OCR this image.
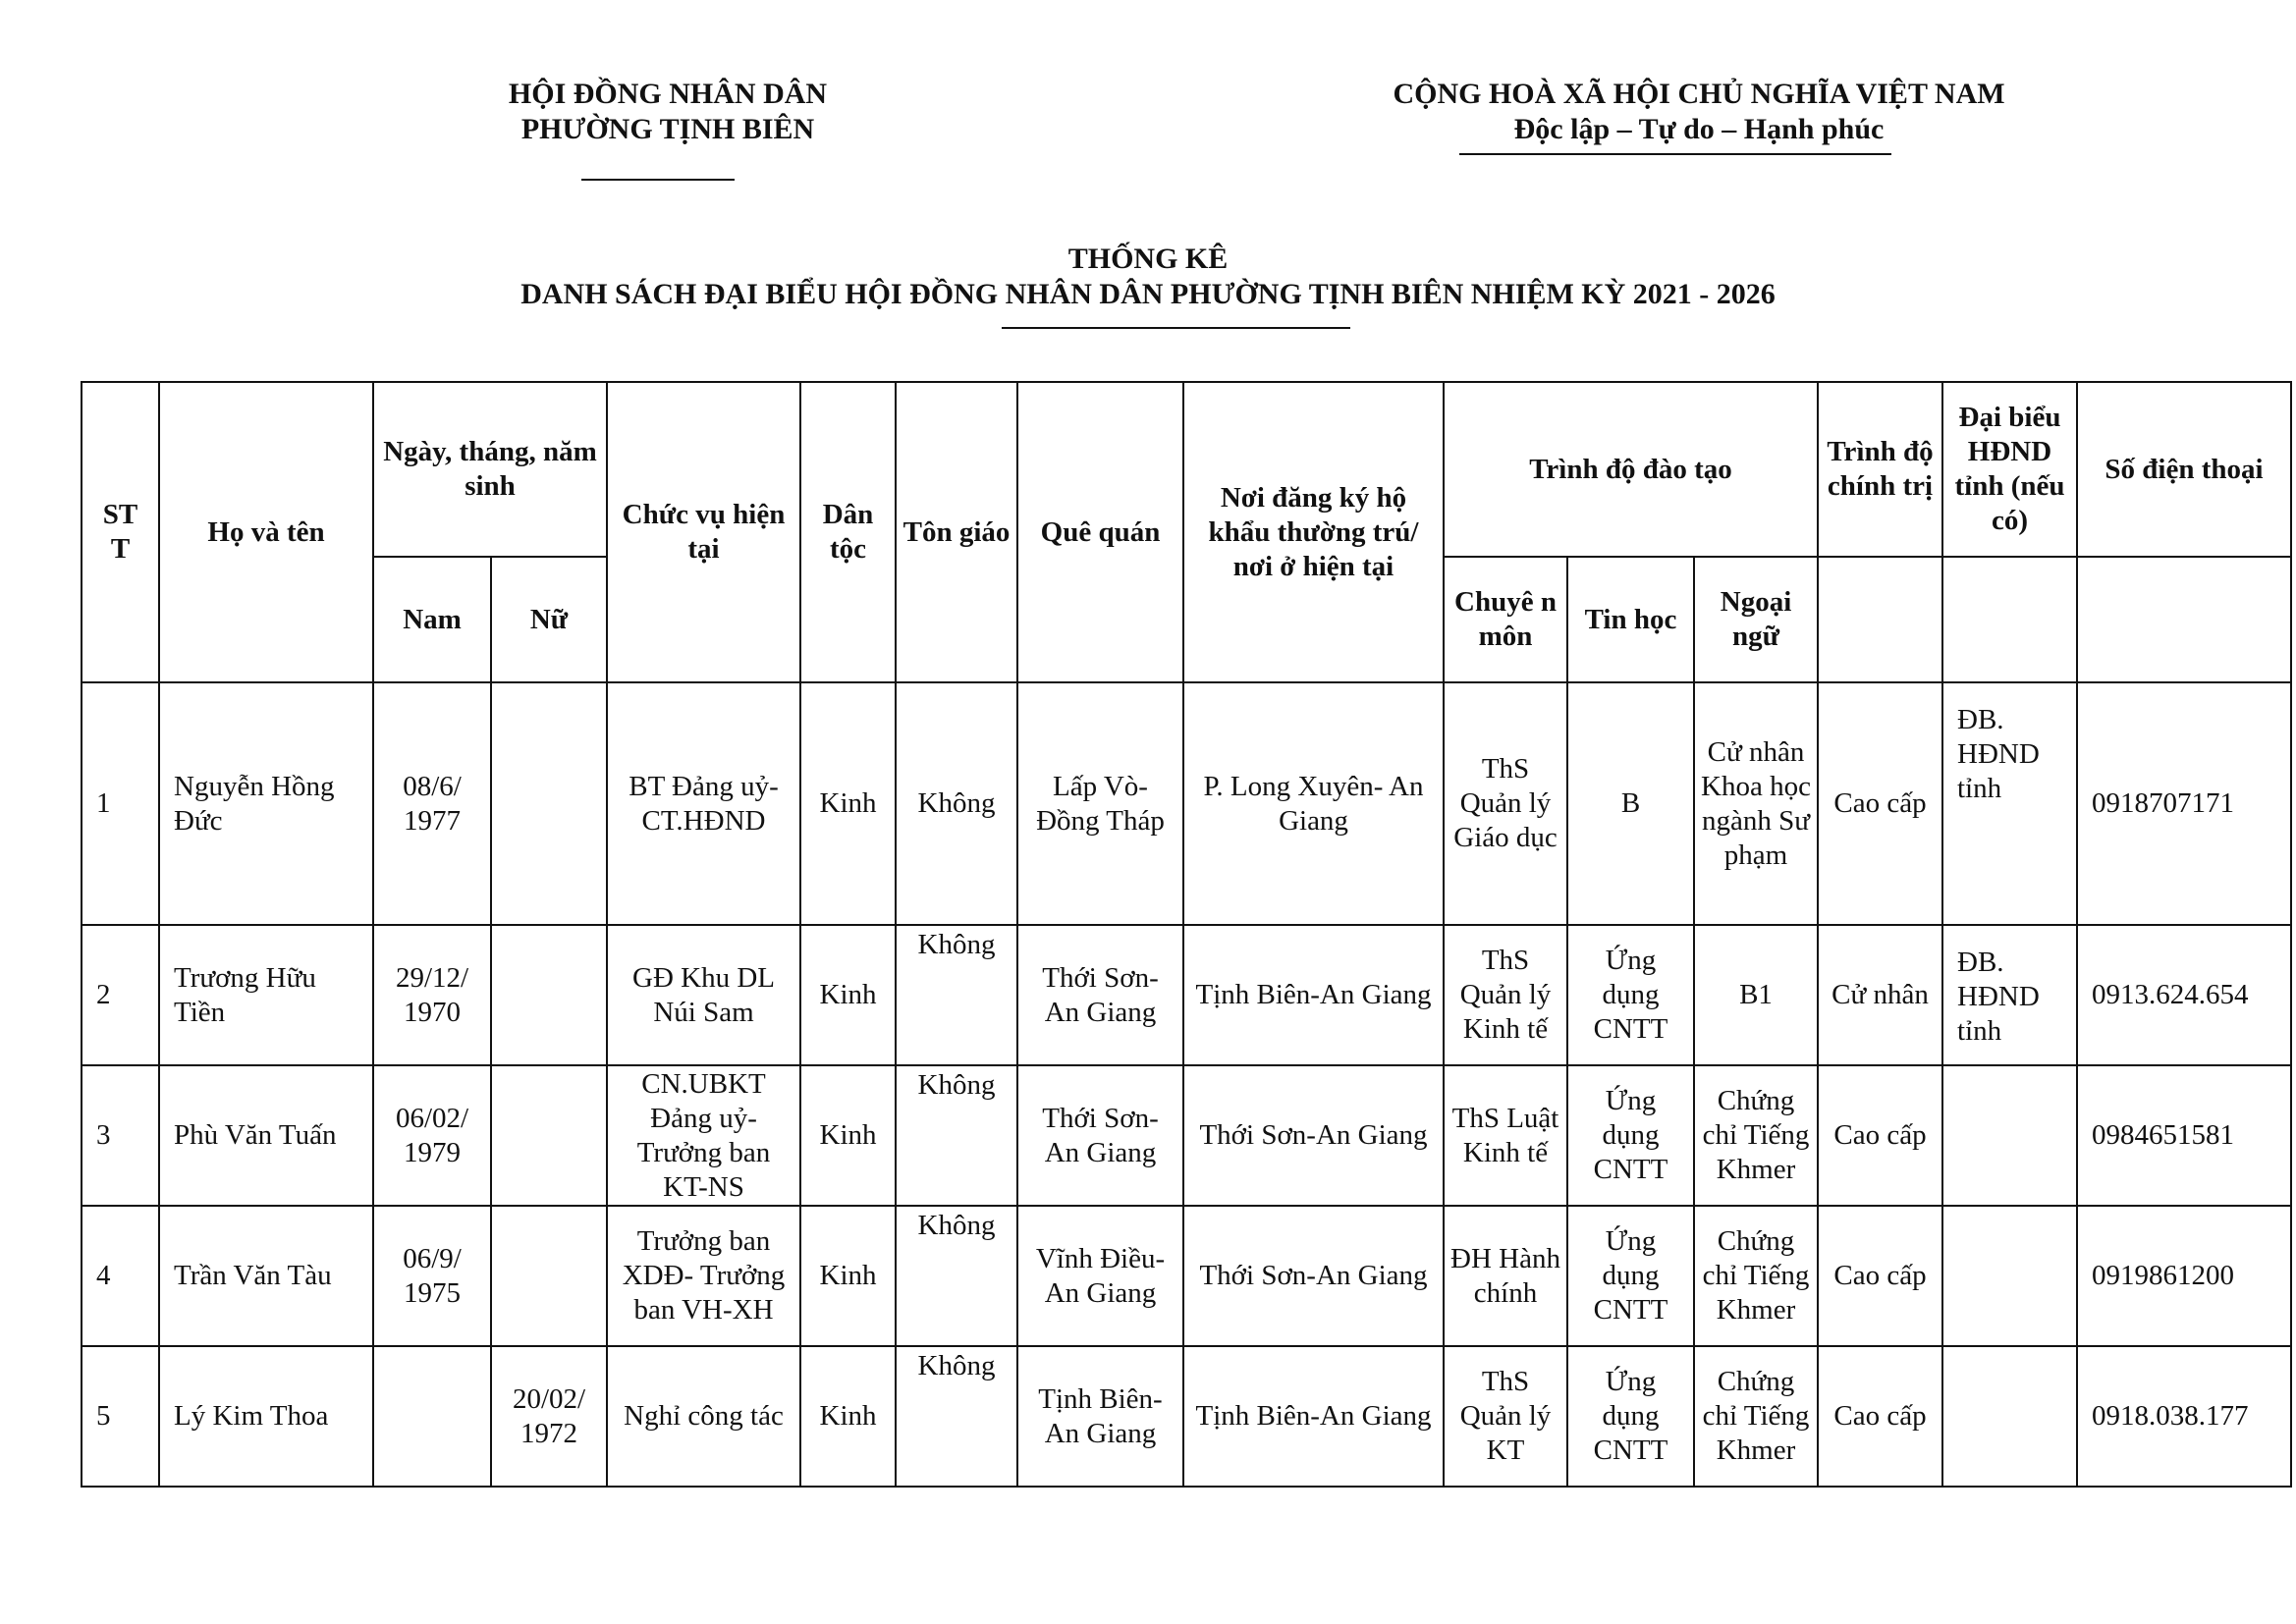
HỘI ĐỒNG NHÂN DÂN
PHƯỜNG TỊNH BIÊN
CỘNG HOÀ XÃ HỘI CHỦ NGHĨA VIỆT NAM
Độc lập – Tự do – Hạnh phúc
THỐNG KÊ
DANH SÁCH ĐẠI BIỂU HỘI ĐỒNG NHÂN DÂN PHƯỜNG TỊNH BIÊN NHIỆM KỲ 2021 - 2026
ST
T	Họ và tên	Ngày, tháng, năm sinh		Chức vụ hiện tại	Dân tộc	Tôn giáo	Quê quán	Nơi đăng ký hộ khẩu thường trú/ nơi ở hiện tại	Trình độ đào tạo			Trình độ chính trị	Đại biểu HĐND tỉnh (nếu có)	Số điện thoại
		Nam	Nữ						Chuyê n môn	Tin học	Ngoại ngữ			
1	Nguyễn Hồng Đức	08/6/ 1977		BT Đảng uỷ- CT.HĐND	Kinh	Không	Lấp Vò- Đồng Tháp	P. Long Xuyên- An Giang	ThS Quản lý Giáo dục	B	Cử nhân Khoa học ngành Sư phạm	Cao cấp	ĐB. HĐND tỉnh	0918707171
2	Trương Hữu Tiền	29/12/ 1970		GĐ Khu DL Núi Sam	Kinh	Không	Thới Sơn- An Giang	Tịnh Biên-An Giang	ThS Quản lý Kinh tế	Ứng dụng CNTT	B1	Cử nhân	ĐB. HĐND tỉnh	0913.624.654
3	Phù Văn Tuấn	06/02/ 1979		CN.UBKT Đảng uỷ- Trưởng ban KT-NS	Kinh	Không	Thới Sơn- An Giang	Thới Sơn-An Giang	ThS Luật Kinh tế	Ứng dụng CNTT	Chứng chỉ Tiếng Khmer	Cao cấp		0984651581
4	Trần Văn Tàu	06/9/ 1975		Trưởng ban XDĐ- Trưởng ban VH-XH	Kinh	Không	Vĩnh Điều-An Giang	Thới Sơn-An Giang	ĐH Hành chính	Ứng dụng CNTT	Chứng chỉ Tiếng Khmer	Cao cấp		0919861200
5	Lý Kim Thoa		20/02/ 1972	Nghỉ công tác	Kinh	Không	Tịnh Biên- An Giang	Tịnh Biên-An Giang	ThS Quản lý KT	Ứng dụng CNTT	Chứng chỉ Tiếng Khmer	Cao cấp		0918.038.177
